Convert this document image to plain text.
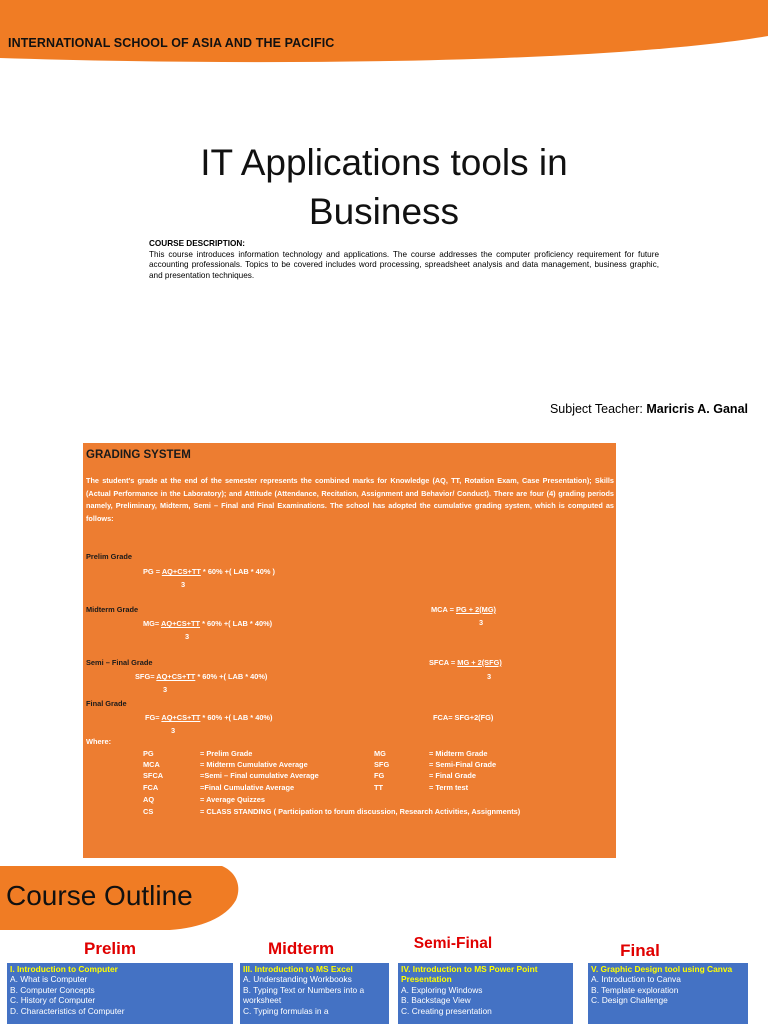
INTERNATIONAL SCHOOL OF ASIA AND THE PACIFIC
IT Applications tools in
Business
COURSE DESCRIPTION:
This course introduces information technology and applications. The course addresses the computer proficiency requirement for future accounting professionals. Topics to be covered includes word processing, spreadsheet analysis and data management, business graphic, and presentation techniques.
Subject Teacher: Maricris A. Ganal
GRADING SYSTEM
The student's grade at the end of the semester represents the combined marks for Knowledge (AQ, TT, Rotation Exam, Case Presentation); Skills (Actual Performance in the Laboratory); and Attitude (Attendance, Recitation, Assignment and Behavior/ Conduct). There are four (4) grading periods namely, Preliminary, Midterm, Semi – Final and Final Examinations. The school has adopted the cumulative grading system, which is computed as follows:
Prelim Grade
PG = AQ+CS+TT * 60% +( LAB * 40% )
3
Midterm Grade
MG= AQ+CS+TT * 60% +( LAB * 40%)
3
MCA = PG + 2(MG)
3
Semi – Final Grade
SFG= AQ+CS+TT * 60% +( LAB * 40%)
3
SFCA = MG + 2(SFG)
3
Final Grade
FG= AQ+CS+TT * 60% +( LAB * 40%)
3
FCA= SFG+2(FG)
Where:
PG	= Prelim Grade	MG	= Midterm Grade
MCA	= Midterm Cumulative Average	SFG	= Semi-Final Grade
SFCA	=Semi – Final cumulative Average	FG	= Final Grade
FCA	=Final Cumulative Average	TT	= Term test
AQ	= Average Quizzes
CS	= CLASS STANDING ( Participation to forum discussion, Research Activities, Assignments)
Course Outline
Prelim	Midterm	Semi-Final	Final
I. Introduction to Computer
A. What is Computer
B. Computer Concepts
C. History of Computer
D. Characteristics of Computer
III. Introduction to MS Excel
A. Understanding Workbooks
B. Typing Text or Numbers into a worksheet
C. Typing formulas in a
IV. Introduction to MS Power Point Presentation
A. Exploring Windows
B. Backstage View
C. Creating presentation
V. Graphic Design tool using Canva
A. Introduction to Canva
B. Template exploration
C. Design Challenge
